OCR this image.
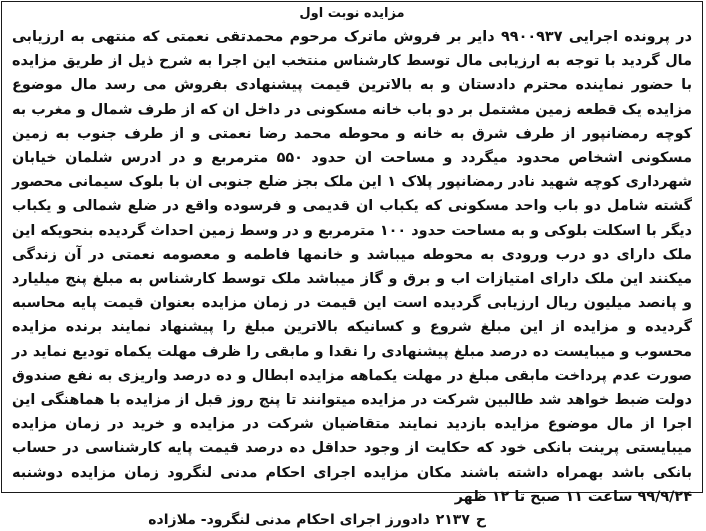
مزایده نوبت اول
در پرونده اجرایی ۹۹۰۰۹۳۷ دایر بر فروش ماترک مرحوم محمدتقی نعمتی که منتهی به ارزیابی مال گردید با توجه به ارزیابی مال توسط کارشناس منتخب این اجرا به شرح ذیل از طریق مزایده با حضور نماینده محترم دادستان و به بالاترین قیمت پیشنهادی بفروش می رسد مال موضوع مزایده یک قطعه زمین مشتمل بر دو باب خانه مسکونی در داخل ان که از طرف شمال و مغرب به کوچه رمضانپور از طرف شرق به خانه و محوطه محمد رضا نعمتی و از طرف جنوب به زمین مسکونی اشخاص محدود میگردد و مساحت ان حدود ۵۵۰ مترمربع و در ادرس شلمان خیابان شهرداری کوچه شهید نادر رمضانپور پلاک ۱ این ملک بجز ضلع جنوبی ان با بلوک سیمانی محصور گشته شامل دو باب واحد مسکونی که یکباب ان قدیمی و فرسوده واقع در ضلع شمالی و یکباب دیگر با اسکلت بلوکی و به مساحت حدود ۱۰۰ مترمربع و در وسط زمین احداث گردیده بنحویکه این ملک دارای دو درب ورودی به محوطه میباشد و خانمها فاطمه و معصومه نعمتی در آن زندگی میکنند این ملک دارای امتیازات اب و برق و گاز میباشد ملک توسط کارشناس به مبلغ پنج میلیارد و پانصد میلیون ریال ارزیابی گردیده است این قیمت در زمان مزایده بعنوان قیمت پایه محاسبه گردیده و مزایده از این مبلغ شروع و کسانیکه بالاترین مبلغ را پیشنهاد نمایند برنده مزایده محسوب و میبایست ده درصد مبلغ پیشنهادی را نقدا و مابقی را ظرف مهلت یکماه تودیع نماید در صورت عدم پرداخت مابقی مبلغ در مهلت یکماهه مزایده ابطال و ده درصد واریزی به نفع صندوق دولت ضبط خواهد شد طالبین شرکت در مزایده میتوانند تا پنج روز قبل از مزایده با هماهنگی این اجرا از مال موضوع مزایده بازدید نمایند متقاضیان شرکت در مزایده و خرید در زمان مزایده میبایستی پرینت بانکی خود که حکایت از وجود حداقل ده درصد قیمت پایه کارشناسی در حساب بانکی باشد بهمراه داشته باشند مکان مزایده اجرای احکام مدنی لنگرود زمان مزایده دوشنبه ۹۹/۹/۲۴ ساعت ۱۱ صبح تا ۱۲ ظهر
ح۲۱۳۷دادورز اجرای احکام مدنی لنگرود- ملازاده
